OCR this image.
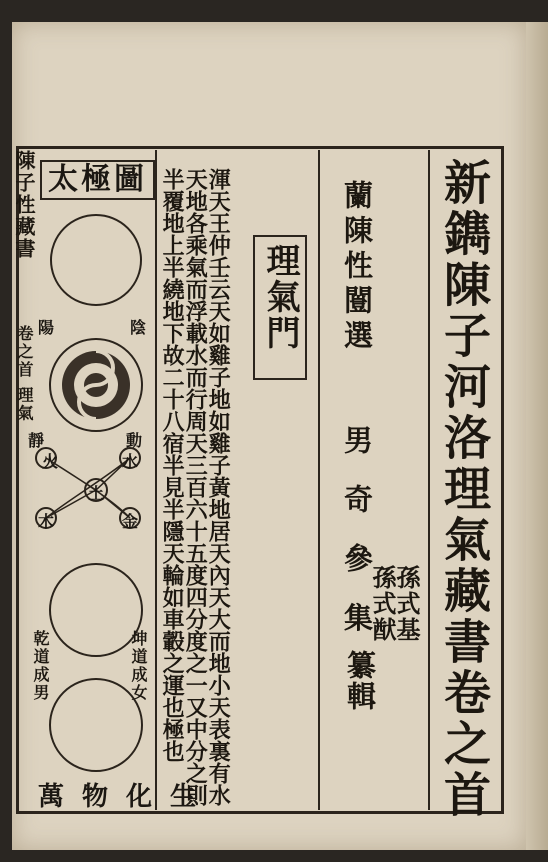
新鐫陳子河洛理氣藏書卷之首
蘭陳性闓選
男 奇 參 集 孫式基
孫式猷
纂輯
理氣門
渾天王仲壬云天如雞子地如雞子黃地居天內天大而地小天表裏有水天地各乘氣而浮載水而行周天三百六十五度四分度之一又中分之則半覆地上半繞地下故二十八宿半見半隱天輪如車轂之運也極也
陳子性藏書
卷之首 理氣
太極圖
陰
陽
靜	動
火	水
土
木	金
乾道成男	坤道成女
萬物化生
